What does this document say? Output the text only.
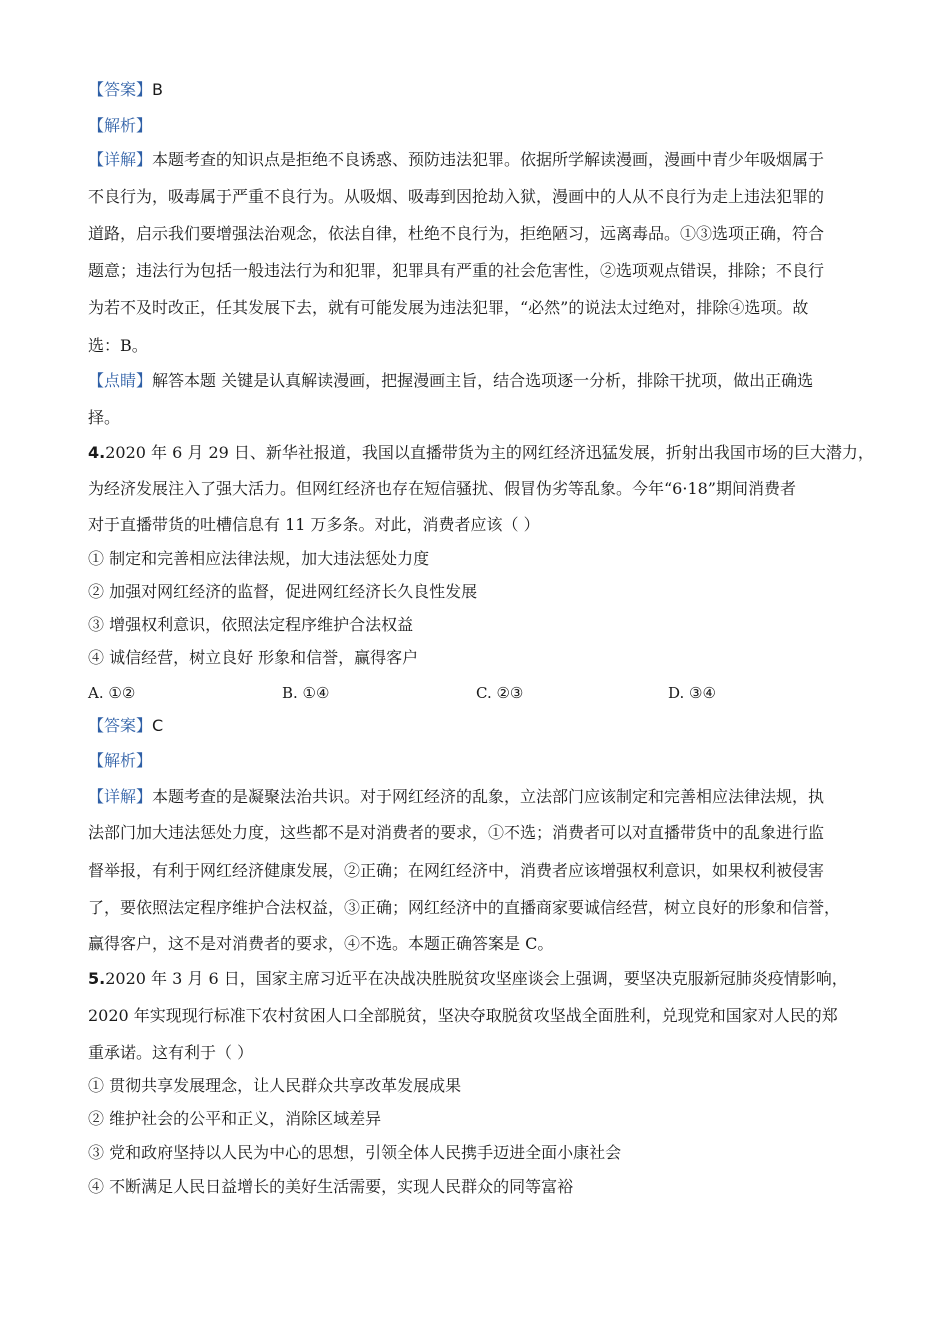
【答案】B
【解析】
【详解】本题考查的知识点是拒绝不良诱惑、预防违法犯罪。依据所学解读漫画，漫画中青少年吸烟属于
不良行为，吸毒属于严重不良行为。从吸烟、吸毒到因抢劫入狱，漫画中的人从不良行为走上违法犯罪的
道路，启示我们要增强法治观念，依法自律，杜绝不良行为，拒绝陋习，远离毒品。①③选项正确，符合
题意；违法行为包括一般违法行为和犯罪，犯罪具有严重的社会危害性，②选项观点错误，排除；不良行
为若不及时改正，任其发展下去，就有可能发展为违法犯罪，“必然”的说法太过绝对，排除④选项。故
选：B。
【点睛】解答本题 关键是认真解读漫画，把握漫画主旨，结合选项逐一分析，排除干扰项，做出正确选
择。
4.2020 年 6 月 29 日、新华社报道，我国以直播带货为主的网红经济迅猛发展，折射出我国市场的巨大潜力，
为经济发展注入了强大活力。但网红经济也存在短信骚扰、假冒伪劣等乱象。今年“6·18”期间消费者
对于直播带货的吐槽信息有 11 万多条。对此，消费者应该（ ）
① 制定和完善相应法律法规，加大违法惩处力度
② 加强对网红经济的监督，促进网红经济长久良性发展
③ 增强权利意识，依照法定程序维护合法权益
④ 诚信经营，树立良好 形象和信誉，赢得客户
A. ①②	B. ①④	C. ②③	D. ③④
【答案】C
【解析】
【详解】本题考查的是凝聚法治共识。对于网红经济的乱象，立法部门应该制定和完善相应法律法规，执
法部门加大违法惩处力度，这些都不是对消费者的要求，①不选；消费者可以对直播带货中的乱象进行监
督举报，有利于网红经济健康发展，②正确；在网红经济中，消费者应该增强权利意识，如果权利被侵害
了，要依照法定程序维护合法权益，③正确；网红经济中的直播商家要诚信经营，树立良好的形象和信誉，
赢得客户，这不是对消费者的要求，④不选。本题正确答案是 C。
5.2020 年 3 月 6 日，国家主席习近平在决战决胜脱贫攻坚座谈会上强调，要坚决克服新冠肺炎疫情影响，
2020 年实现现行标准下农村贫困人口全部脱贫，坚决夺取脱贫攻坚战全面胜利，兑现党和国家对人民的郑
重承诺。这有利于（ ）
① 贯彻共享发展理念，让人民群众共享改革发展成果
② 维护社会的公平和正义，消除区域差异
③ 党和政府坚持以人民为中心的思想，引领全体人民携手迈进全面小康社会
④ 不断满足人民日益增长的美好生活需要，实现人民群众的同等富裕
